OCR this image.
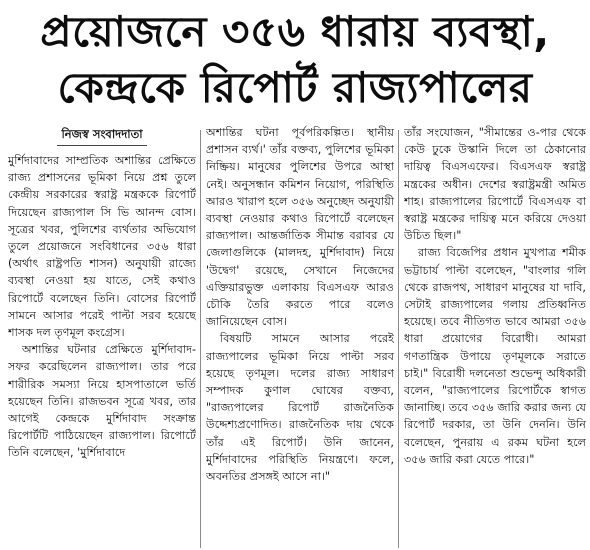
প্রয়োজনে ৩৫৬ ধারায় ব্যবস্থা,
কেন্দ্রকে রিপোর্ট রাজ্যপালের
নিজস্ব সংবাদদাতা

মুর্শিদাবাদের সাম্প্রতিক অশান্তির প্রেক্ষিতে রাজ্য প্রশাসনের ভূমিকা নিয়ে প্রশ্ন তুলে কেন্দ্রীয় সরকারের স্বরাষ্ট্র মন্ত্রককে রিপোর্ট দিয়েছেন রাজ্যপাল সি ভি আনন্দ বোস। সূত্রের খবর, পুলিশের ব্যর্থতার অভিযোগ তুলে প্রয়োজনে সংবিধানের ৩৫৬ ধারা (অর্থাৎ রাষ্ট্রপতি শাসন) অনুযায়ী রাজ্যে ব্যবস্থা নেওয়া হয় যাতে, সেই কথাও রিপোর্টে বলেছেন তিনি। বোসের রিপোর্ট সামনে আসার পরেই পাল্টা সরব হয়েছে শাসক দল তৃণমূল কংগ্রেস।

অশান্তির ঘটনার প্রেক্ষিতে মুর্শিদাবাদ-সফর করেছিলেন রাজ্যপাল। তার পরে শারীরিক সমস্যা নিয়ে হাসপাতালে ভর্তি হয়েছেন তিনি। রাজভবন সূত্রে খবর, তার আগেই কেন্দ্রকে মুর্শিদাবাদ সংক্রান্ত রিপোর্টটি পাঠিয়েছেন রাজ্যপাল। রিপোর্টে তিনি বলেছেন, 'মুর্শিদাবাদে

অশান্তির ঘটনা পূর্বপরিকল্পিত। স্থানীয় প্রশাসন ব্যর্থ।' তাঁর বক্তব্য, পুলিশের ভূমিকা নিষ্ক্রিয়। মানুষের পুলিশের উপরে আস্থা নেই। অনুসন্ধান কমিশন নিয়োগ, পরিস্থিতি আরও খারাপ হলে ৩৫৬ অনুচ্ছেদ অনুযায়ী ব্যবস্থা নেওয়ার কথাও রিপোর্টে বলেছেন রাজ্যপাল। আন্তর্জাতিক সীমান্ত বরাবর যে জেলাগুলিকে (মালদহ, মুর্শিদাবাদ) নিয়ে 'উদ্বেগ' রয়েছে, সেখানে নিজেদের এক্তিয়ারভুক্ত এলাকায় বিএসএফ আরও চৌকি তৈরি করতে পারে বলেও জানিয়েছেন বোস।

বিষয়টি সামনে আসার পরেই রাজ্যপালের ভূমিকা নিয়ে পাল্টা সরব হয়েছে তৃণমূল। দলের রাজ্য সাধারণ সম্পাদক কুণাল ঘোষের বক্তব্য, "রাজ্যপালের রিপোর্ট রাজনৈতিক উদ্দেশ্যপ্রণোদিত। রাজনৈতিক দায় থেকে তাঁর এই রিপোর্ট। উনি জানেন, মুর্শিদাবাদের পরিস্থিতি নিয়ন্ত্রণে। ফলে, অবনতির প্রসঙ্গই আসে না।"

তাঁর সংযোজন, "সীমান্তের ও-পার থেকে কেউ ঢুকে উস্কানি দিলে তা ঠেকানোর দায়িত্ব বিএসএফের। বিএসএফ স্বরাষ্ট্র মন্ত্রকের অধীন। দেশের স্বরাষ্ট্রমন্ত্রী অমিত শাহ। রাজ্যপালের রিপোর্টে বিএসএফ বা স্বরাষ্ট্র মন্ত্রকের দায়িত্ব মনে করিয়ে দেওয়া উচিত ছিল।"

রাজ্য বিজেপির প্রধান মুখপাত্র শমীক ভট্টাচার্য পাল্টা বলেছেন, "বাংলার গলি থেকে রাজপথ, সাধারণ মানুষের যা দাবি, সেটাই রাজ্যপালের গলায় প্রতিধ্বনিত হয়েছে। তবে নীতিগত ভাবে আমরা ৩৫৬ ধারা প্রয়োগের বিরোধী। আমরা গণতান্ত্রিক উপায়ে তৃণমূলকে সরাতে চাই।" বিরোধী দলনেতা শুভেন্দু অধিকারী বলেন, "রাজ্যপালের রিপোর্টকে স্বাগত জানাচ্ছি। তবে ৩৫৬ জারি করার জন্য যে রিপোর্ট দরকার, তা উনি দেননি। উনি বলেছেন, পুনরায় এ রকম ঘটনা হলে ৩৫৬ জারি করা যেতে পারে।"
